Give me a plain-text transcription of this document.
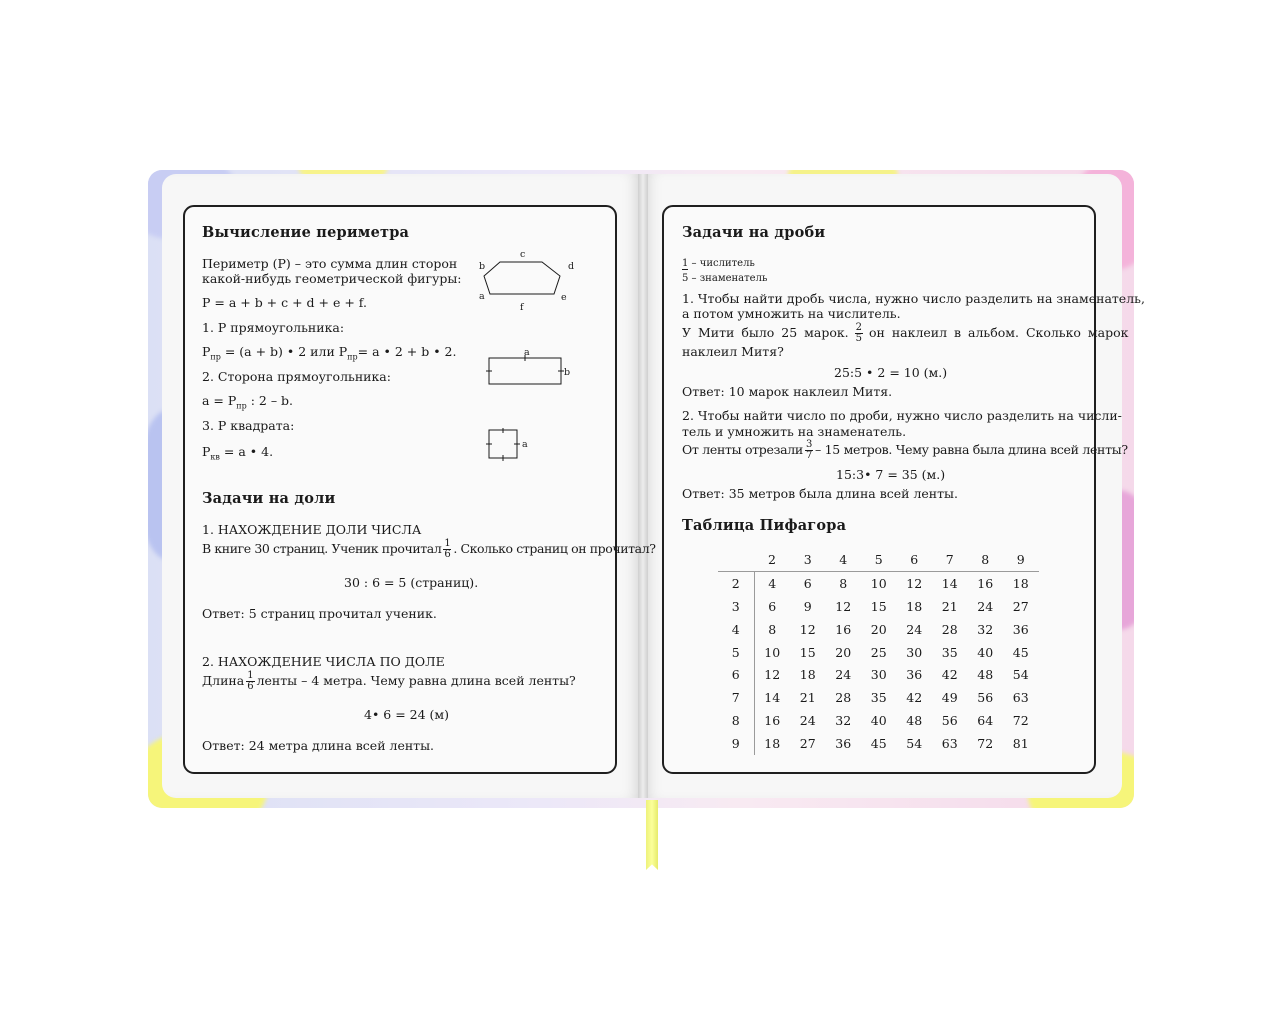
Вычисление периметра
Периметр (P) – это сумма длин сторон
какой-нибудь геометрической фигуры:
P = a + b + c + d + e + f.
1. P прямоугольника:
$P_{пр} = (a + b)$ • 2 или $P_{пр}= a$ • 2 + b • 2.
2. Сторона прямоугольника:
$a = P_{пр}$ : 2 – b.
3. P квадрата:
$P_{кв} = a$ • 4.
c
b	d
a	e
f
a
b
a
Задачи на доли
1. НАХОЖДЕНИЕ ДОЛИ ЧИСЛА
В книге 30 страниц. Ученик прочитал $\frac{1}{6}$ . Сколько страниц он прочитал?
30 : 6 = 5 (страниц).
Ответ: 5 страниц прочитал ученик.
2. НАХОЖДЕНИЕ ЧИСЛА ПО ДОЛЕ
Длина $\frac{1}{6}$ ленты – 4 метра. Чему равна длина всей ленты?
4• 6 = 24 (м)
Ответ: 24 метра длина всей ленты.
Задачи на дроби
1 – числитель
5 – знаменатель
1. Чтобы найти дробь числа, нужно число разделить на знаменатель,
а потом умножить на числитель.
У Мити было 25 марок. $\frac{2}{5}$ он наклеил в альбом. Сколько марок
наклеил Митя?
25:5 • 2 = 10 (м.)
Ответ: 10 марок наклеил Митя.
2. Чтобы найти число по дроби, нужно число разделить на числи-
тель и умножить на знаменатель.
От ленты отрезали $\frac{3}{7} - 15$ метров. Чему равна была длина всей ленты?
15:3• 7 = 35 (м.)
Ответ: 35 метров была длина всей ленты.
Таблица Пифагора
	2	3	4	5	6	7	8	9
2	4	6	8	10	12	14	16	18
3	6	9	12	15	18	21	24	27
4	8	12	16	20	24	28	32	36
5	10	15	20	25	30	35	40	45
6	12	18	24	30	36	42	48	54
7	14	21	28	35	42	49	56	63
8	16	24	32	40	48	56	64	72
9	18	27	36	45	54	63	72	81
